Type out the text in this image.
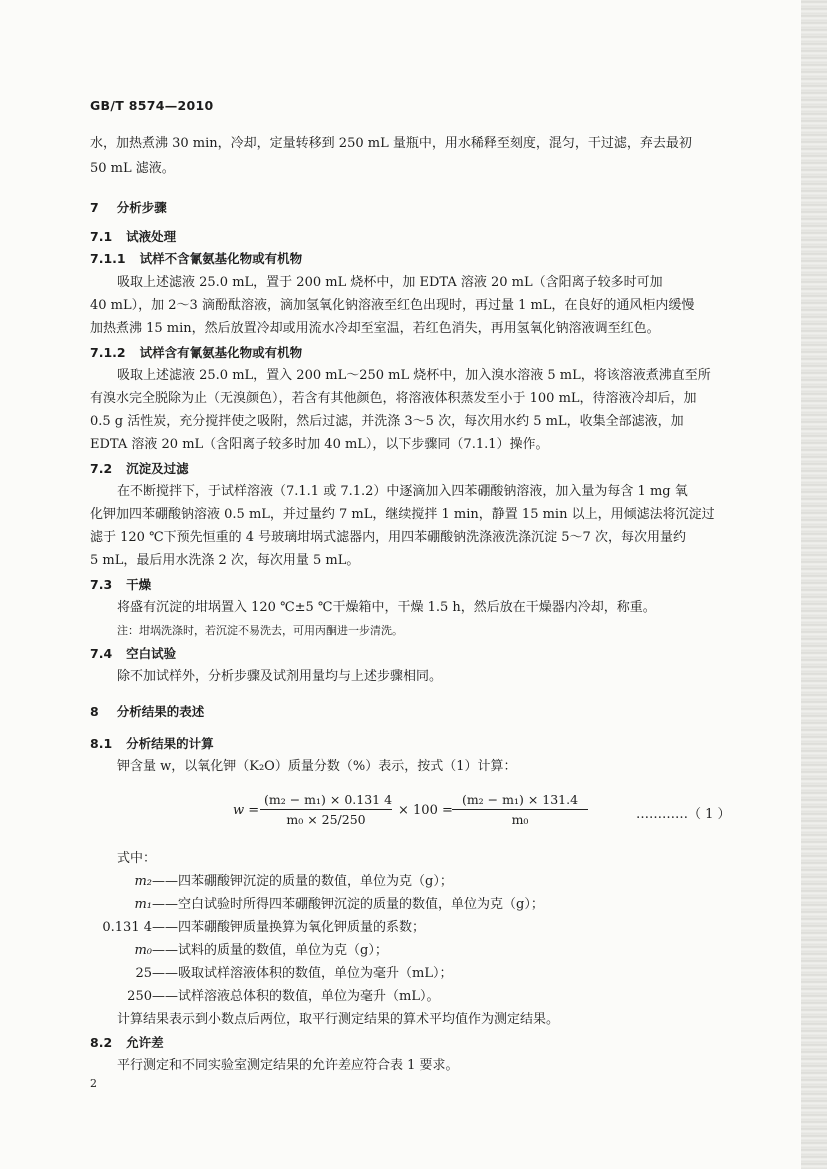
GB/T 8574—2010
水，加热煮沸 30 min，冷却，定量转移到 250 mL 量瓶中，用水稀释至刻度，混匀，干过滤，弃去最初
50 mL 滤液。
7 分析步骤
7.1 试液处理
7.1.1 试样不含氰氨基化物或有机物
吸取上述滤液 25.0 mL，置于 200 mL 烧杯中，加 EDTA 溶液 20 mL（含阳离子较多时可加
40 mL），加 2～3 滴酚酞溶液，滴加氢氧化钠溶液至红色出现时，再过量 1 mL，在良好的通风柜内缓慢
加热煮沸 15 min，然后放置冷却或用流水冷却至室温，若红色消失，再用氢氧化钠溶液调至红色。
7.1.2 试样含有氰氨基化物或有机物
吸取上述滤液 25.0 mL，置入 200 mL～250 mL 烧杯中，加入溴水溶液 5 mL，将该溶液煮沸直至所
有溴水完全脱除为止（无溴颜色），若含有其他颜色，将溶液体积蒸发至小于 100 mL，待溶液冷却后，加
0.5 g 活性炭，充分搅拌使之吸附，然后过滤，并洗涤 3～5 次，每次用水约 5 mL，收集全部滤液，加
EDTA 溶液 20 mL（含阳离子较多时加 40 mL），以下步骤同（7.1.1）操作。
7.2 沉淀及过滤
在不断搅拌下，于试样溶液（7.1.1 或 7.1.2）中逐滴加入四苯硼酸钠溶液，加入量为每含 1 mg 氧
化钾加四苯硼酸钠溶液 0.5 mL，并过量约 7 mL，继续搅拌 1 min，静置 15 min 以上，用倾滤法将沉淀过
滤于 120 ℃下预先恒重的 4 号玻璃坩埚式滤器内，用四苯硼酸钠洗涤液洗涤沉淀 5～7 次，每次用量约
5 mL，最后用水洗涤 2 次，每次用量 5 mL。
7.3 干燥
将盛有沉淀的坩埚置入 120 ℃±5 ℃干燥箱中，干燥 1.5 h，然后放在干燥器内冷却，称重。
注：坩埚洗涤时，若沉淀不易洗去，可用丙酮进一步清洗。
7.4 空白试验
除不加试样外，分析步骤及试剂用量均与上述步骤相同。
8 分析结果的表述
8.1 分析结果的计算
钾含量 w，以氧化钾（K₂O）质量分数（%）表示，按式（1）计算：
$w = \frac{\text{(m₂ − m₁) × 0.131 4}}{\text{m₀ × 25/250}} \times 100 = \frac{\text{(m₂ − m₁) × 131.4}}{\text{m₀}}$	…………（ 1 ）
式中：
m₂——四苯硼酸钾沉淀的质量的数值，单位为克（g）；
m₁——空白试验时所得四苯硼酸钾沉淀的质量的数值，单位为克（g）；
0.131 4——四苯硼酸钾质量换算为氧化钾质量的系数；
m₀——试料的质量的数值，单位为克（g）；
25——吸取试样溶液体积的数值，单位为毫升（mL）；
250——试样溶液总体积的数值，单位为毫升（mL）。
计算结果表示到小数点后两位，取平行测定结果的算术平均值作为测定结果。
8.2 允许差
平行测定和不同实验室测定结果的允许差应符合表 1 要求。
2
